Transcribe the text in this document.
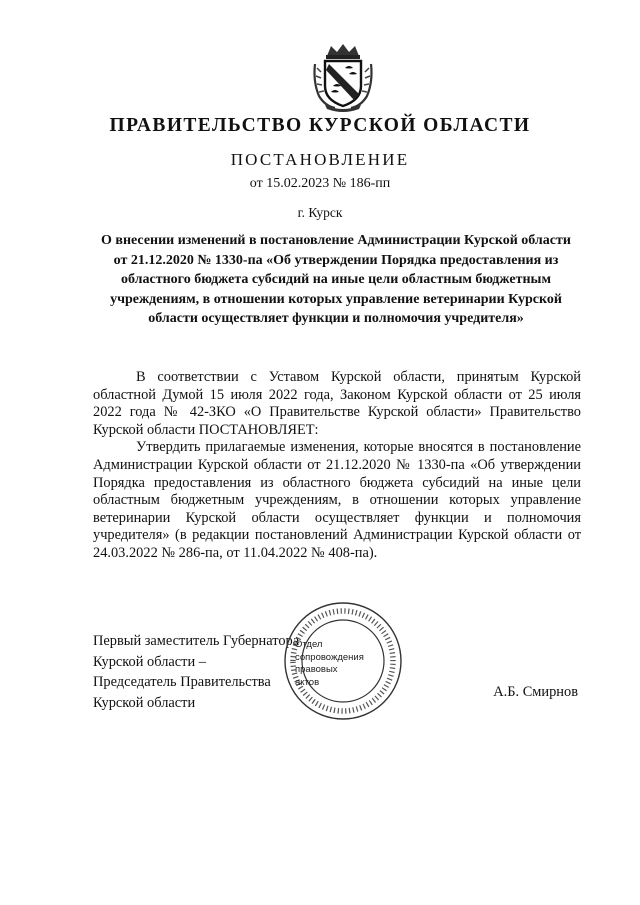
ПРАВИТЕЛЬСТВО КУРСКОЙ ОБЛАСТИ
ПОСТАНОВЛЕНИЕ
от 15.02.2023 № 186-пп
г. Курск
О внесении изменений в постановление Администрации Курской области от 21.12.2020 № 1330-па «Об утверждении Порядка предоставления из областного бюджета субсидий на иные цели областным бюджетным учреждениям, в отношении которых управление ветеринарии Курской области осуществляет функции и полномочия учредителя»

В соответствии с Уставом Курской области, принятым Курской областной Думой 15 июля 2022 года, Законом Курской области от 25 июля 2022 года № 42-ЗКО «О Правительстве Курской области» Правительство Курской области ПОСТАНОВЛЯЕТ:

Утвердить прилагаемые изменения, которые вносятся в постановление Администрации Курской области от 21.12.2020 № 1330-па «Об утверждении Порядка предоставления из областного бюджета субсидий на иные цели областным бюджетным учреждениям, в отношении которых управление ветеринарии Курской области осуществляет функции и полномочия учредителя» (в редакции постановлений Администрации Курской области от 24.03.2022 № 286-па, от 11.04.2022 № 408-па).

Первый заместитель Губернатора
Курской области –
Председатель Правительства
Курской области
Отдел
сопровождения
правовых
актов
А.Б. Смирнов
